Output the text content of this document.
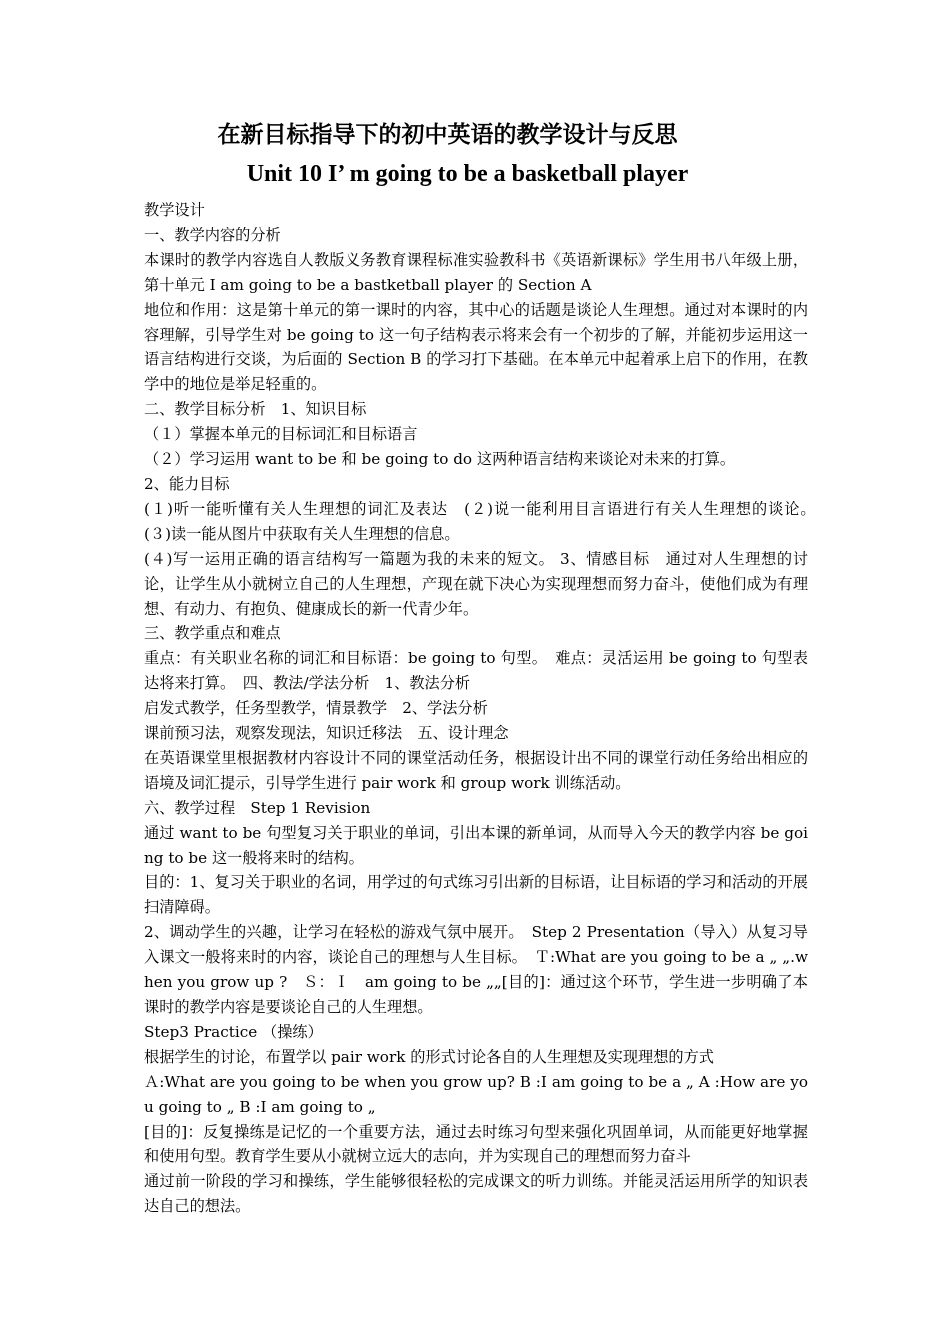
在新目标指导下的初中英语的教学设计与反思
Unit 10 I’ m going to be a basketball player

教学设计

一、教学内容的分析

本课时的教学内容选自人教版义务教育课程标准实验教科书《英语新课标》学生用书八年级上册，第十单元 I am going to be a bastketball player 的 Section A

地位和作用：这是第十单元的第一课时的内容，其中心的话题是谈论人生理想。通过对本课时的内容理解，引导学生对 be going to 这一句子结构表示将来会有一个初步的了解，并能初步运用这一语言结构进行交谈，为后面的 Section B 的学习打下基础。在本单元中起着承上启下的作用，在教学中的地位是举足轻重的。

二、教学目标分析　1、知识目标

（１）掌握本单元的目标词汇和目标语言

（２）学习运用 want to be 和 be going to do 这两种语言结构来谈论对未来的打算。

2、能力目标

(１)听一能听懂有关人生理想的词汇及表达　(２)说一能利用目言语进行有关人生理想的谈论。　(３)读一能从图片中获取有关人生理想的信息。

(４)写一运用正确的语言结构写一篇题为我的未来的短文。 3、情感目标　通过对人生理想的讨论，让学生从小就树立自己的人生理想，产现在就下决心为实现理想而努力奋斗，使他们成为有理想、有动力、有抱负、健康成长的新一代青少年。

三、教学重点和难点

重点：有关职业名称的词汇和目标语：be going to 句型。　难点：灵活运用 be going to 句型表达将来打算。　四、教法/学法分析　1、教法分析

启发式教学，任务型教学，情景教学　2、学法分析

课前预习法，观察发现法，知识迁移法　五、设计理念

在英语课堂里根据教材内容设计不同的课堂活动任务，根据设计出不同的课堂行动任务给出相应的语境及词汇提示，引导学生进行 pair work 和 group work 训练活动。

六、教学过程　Step 1 Revision

通过 want to be 句型复习关于职业的单词，引出本课的新单词，从而导入今天的教学内容 be going to be 这一般将来时的结构。

目的：1、复习关于职业的名词，用学过的句式练习引出新的目标语，让目标语的学习和活动的开展扫清障碍。

2、调动学生的兴趣，让学习在轻松的游戏气氛中展开。　Step 2 Presentation（导入）从复习导入课文一般将来时的内容，谈论自己的理想与人生目标。　Ｔ:What are you going to be a „ „.when you grow up ?　Ｓ：Ｉ　am going to be „„[目的]：通过这个环节，学生进一步明确了本课时的教学内容是要谈论自己的人生理想。

Step3 Practice （操练）

根据学生的讨论，布置学以 pair work 的形式讨论各自的人生理想及实现理想的方式

Ａ:What are you going to be when you grow up? B :I am going to be a „ A :How are you going to „ B :I am going to „

[目的]：反复操练是记忆的一个重要方法，通过去时练习句型来强化巩固单词，从而能更好地掌握和使用句型。教育学生要从小就树立远大的志向，并为实现自己的理想而努力奋斗

通过前一阶段的学习和操练，学生能够很轻松的完成课文的听力训练。并能灵活运用所学的知识表达自己的想法。
